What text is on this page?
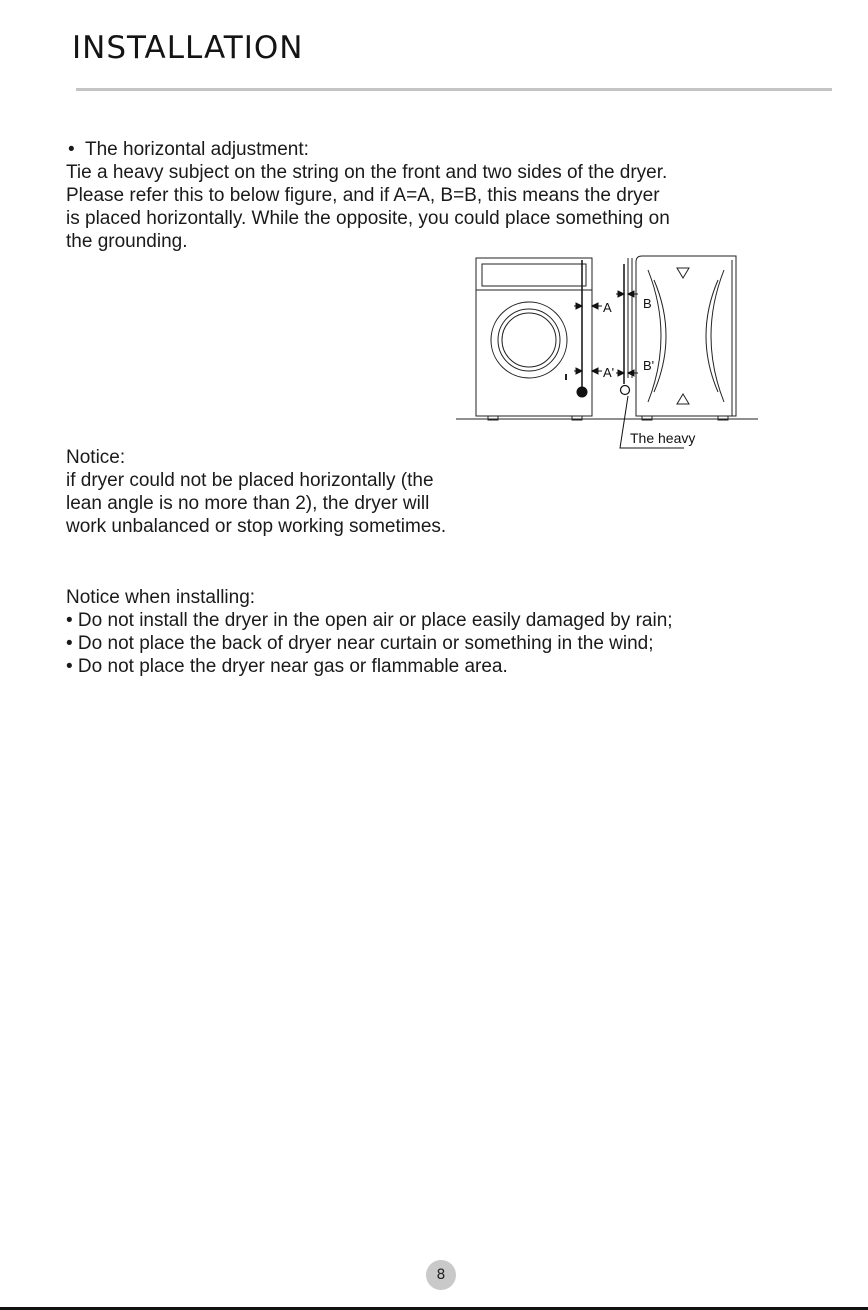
INSTALLATION

• The horizontal adjustment:

Tie a heavy subject on the string on the front and two sides of the dryer.

Please refer this to below figure, and if A=A, B=B, this means the dryer

is placed horizontally. While the opposite, you could place something on

the grounding.

A
A'
B
B'
The heavy

Notice:

if dryer could not be placed horizontally (the

lean angle is no more than 2), the dryer will

work unbalanced or stop working sometimes.

Notice when installing:

• Do not install the dryer in the open air or place easily damaged by rain;

• Do not place the back of dryer near curtain or something in the wind;

• Do not place the dryer near gas or flammable area.

8
